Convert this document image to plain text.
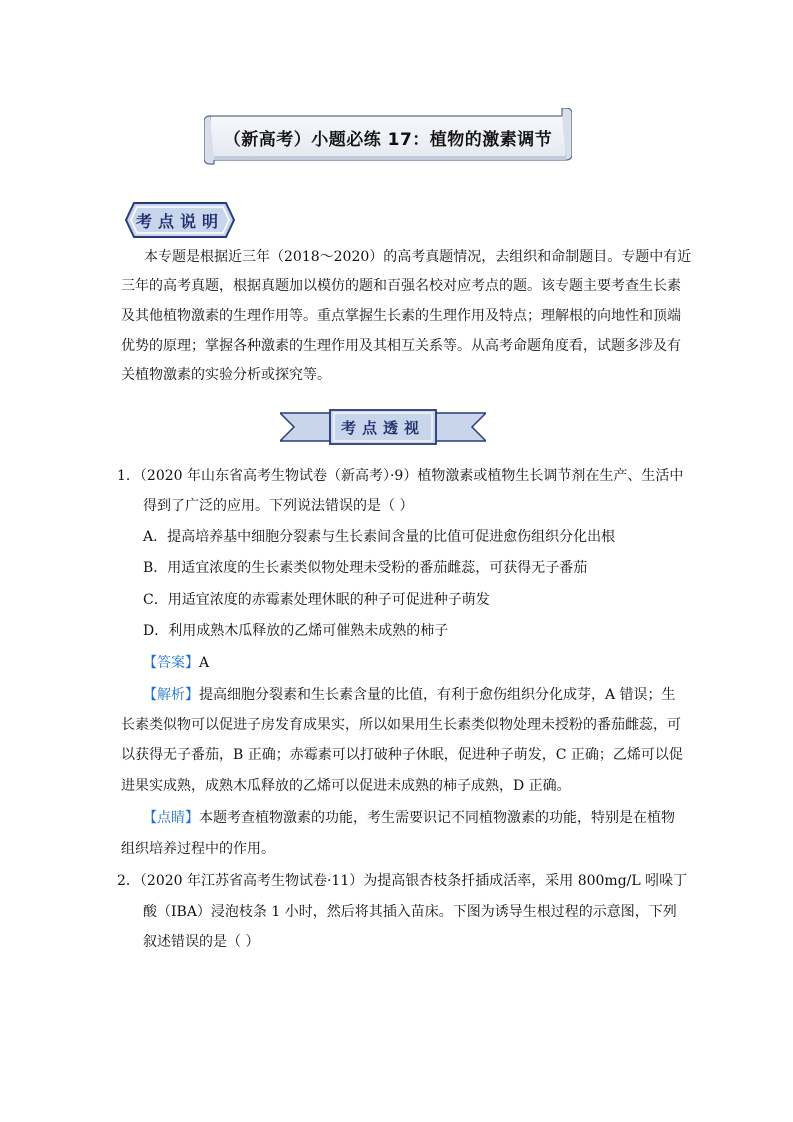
（新高考）小题必练 17：植物的激素调节
考点说明

本专题是根据近三年（2018～2020）的高考真题情况，去组织和命制题目。专题中有近

三年的高考真题，根据真题加以模仿的题和百强名校对应考点的题。该专题主要考查生长素

及其他植物激素的生理作用等。重点掌握生长素的生理作用及特点；理解根的向地性和顶端

优势的原理；掌握各种激素的生理作用及其相互关系等。从高考命题角度看，试题多涉及有

关植物激素的实验分析或探究等。

考点透视

1．（2020 年山东省高考生物试卷（新高考）·9）植物激素或植物生长调节剂在生产、生活中

得到了广泛的应用。下列说法错误的是（ ）

A．提高培养基中细胞分裂素与生长素间含量的比值可促进愈伤组织分化出根

B．用适宜浓度的生长素类似物处理未受粉的番茄雌蕊，可获得无子番茄

C．用适宜浓度的赤霉素处理休眠的种子可促进种子萌发

D．利用成熟木瓜释放的乙烯可催熟未成熟的柿子

【答案】A

【解析】提高细胞分裂素和生长素含量的比值，有利于愈伤组织分化成芽，A 错误；生

长素类似物可以促进子房发育成果实，所以如果用生长素类似物处理未授粉的番茄雌蕊，可

以获得无子番茄，B 正确；赤霉素可以打破种子休眠，促进种子萌发，C 正确；乙烯可以促

进果实成熟，成熟木瓜释放的乙烯可以促进未成熟的柿子成熟，D 正确。

【点睛】本题考查植物激素的功能，考生需要识记不同植物激素的功能，特别是在植物

组织培养过程中的作用。

2．（2020 年江苏省高考生物试卷·11）为提高银杏枝条扦插成活率，采用 800mg/L 吲哚丁

酸（IBA）浸泡枝条 1 小时，然后将其插入苗床。下图为诱导生根过程的示意图，下列

叙述错误的是（ ）
